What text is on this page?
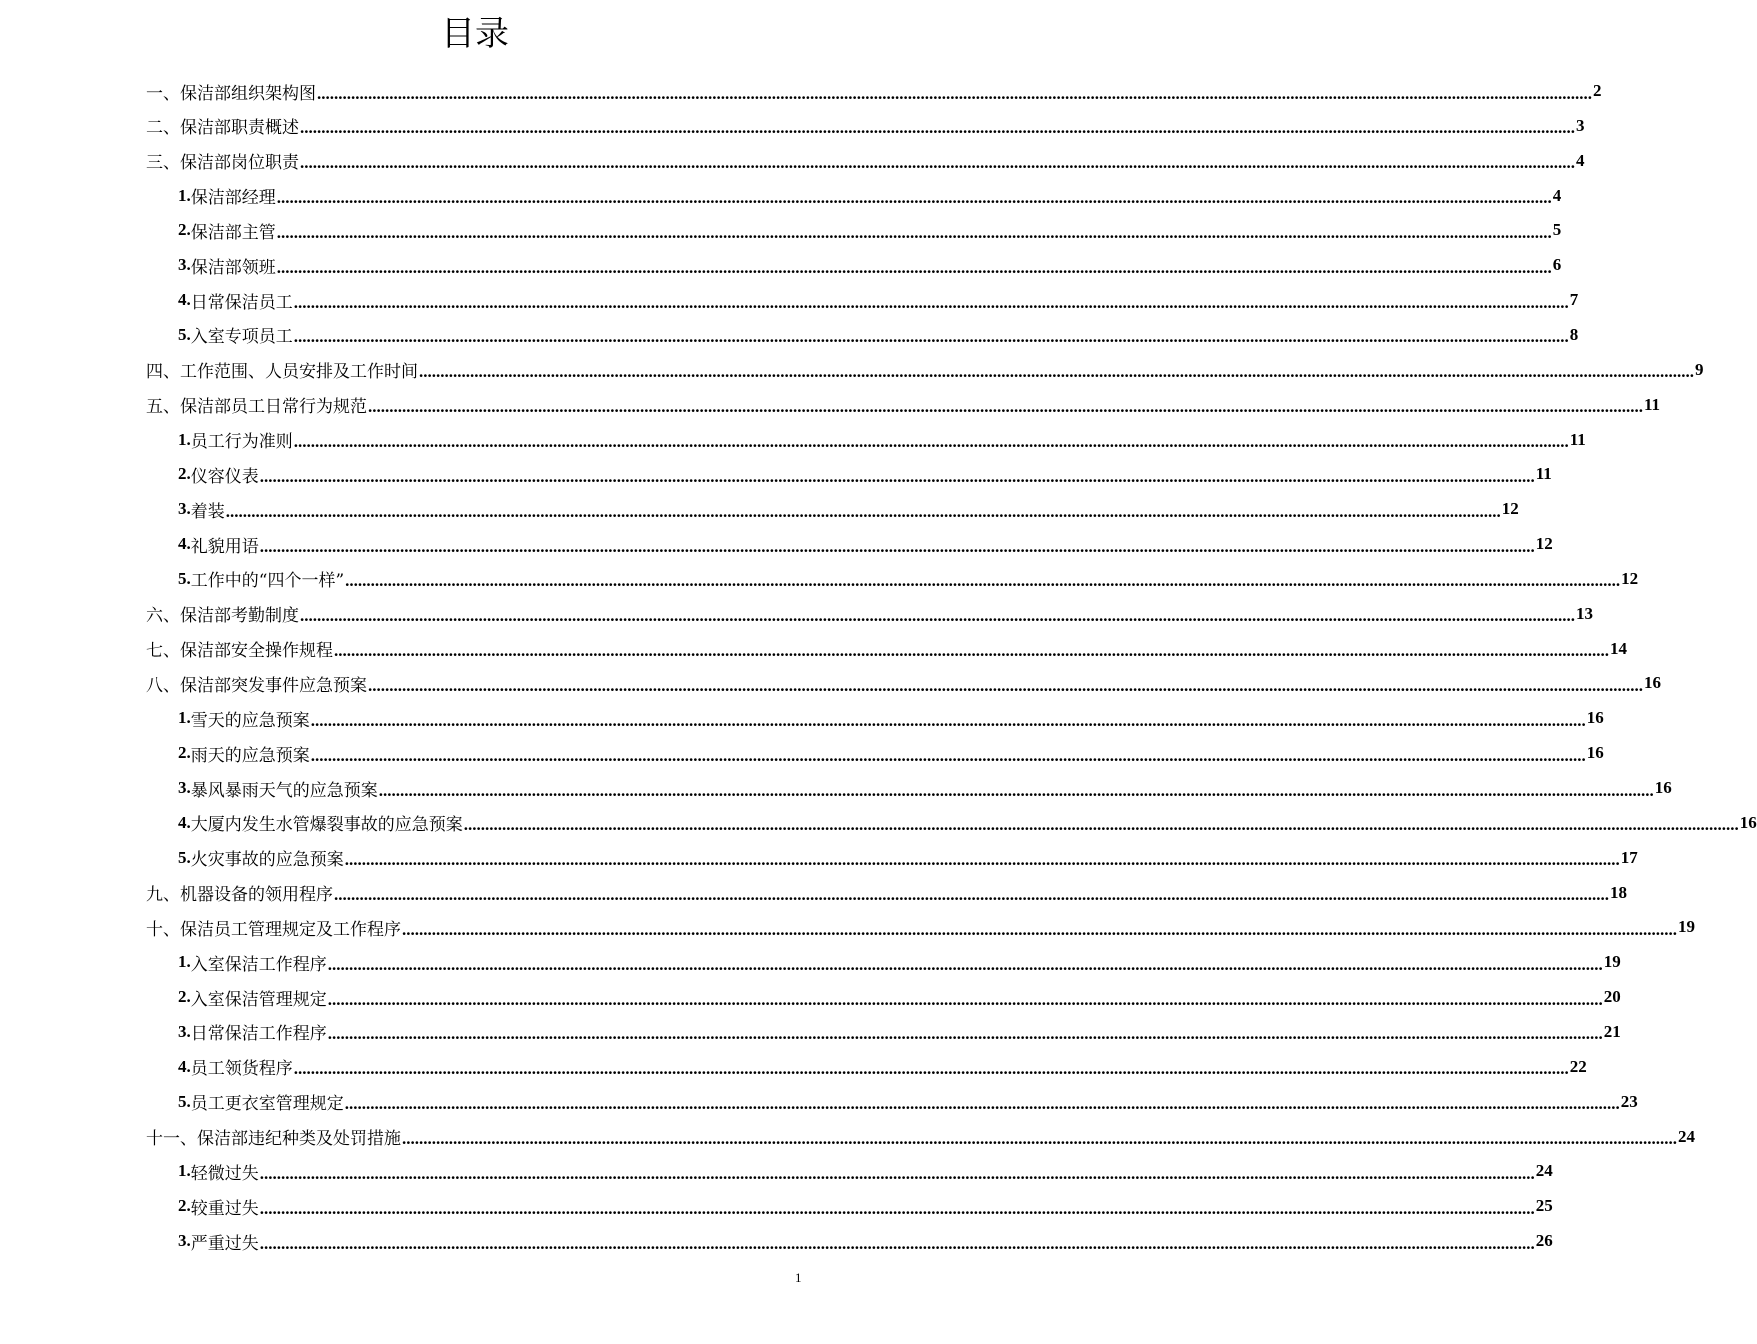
目录
一、 保洁部组织架构图 ............................................................................................................................................................................................................................................................................................................ 2
二、 保洁部职责概述 ............................................................................................................................................................................................................................................................................................................ 3
三、 保洁部岗位职责 ............................................................................................................................................................................................................................................................................................................ 4
1. 保洁部经理 ............................................................................................................................................................................................................................................................................................................ 4
2. 保洁部主管 ............................................................................................................................................................................................................................................................................................................ 5
3. 保洁部领班 ............................................................................................................................................................................................................................................................................................................ 6
4. 日常保洁员工 ............................................................................................................................................................................................................................................................................................................ 7
5. 入室专项员工 ............................................................................................................................................................................................................................................................................................................ 8
四、 工作范围、人员安排及工作时间 ............................................................................................................................................................................................................................................................................................................ 9
五、 保洁部员工日常行为规范 ............................................................................................................................................................................................................................................................................................................ 11
1. 员工行为准则 ............................................................................................................................................................................................................................................................................................................ 11
2. 仪容仪表 ............................................................................................................................................................................................................................................................................................................ 11
3. 着装 ............................................................................................................................................................................................................................................................................................................ 12
4. 礼貌用语 ............................................................................................................................................................................................................................................................................................................ 12
5. 工作中的“四个一样” ............................................................................................................................................................................................................................................................................................................ 12
六、 保洁部考勤制度 ............................................................................................................................................................................................................................................................................................................ 13
七、 保洁部安全操作规程 ............................................................................................................................................................................................................................................................................................................ 14
八、 保洁部突发事件应急预案 ............................................................................................................................................................................................................................................................................................................ 16
1. 雪天的应急预案 ............................................................................................................................................................................................................................................................................................................ 16
2. 雨天的应急预案 ............................................................................................................................................................................................................................................................................................................ 16
3. 暴风暴雨天气的应急预案 ............................................................................................................................................................................................................................................................................................................ 16
4. 大厦内发生水管爆裂事故的应急预案 ............................................................................................................................................................................................................................................................................................................ 16
5. 火灾事故的应急预案 ............................................................................................................................................................................................................................................................................................................ 17
九、 机器设备的领用程序 ............................................................................................................................................................................................................................................................................................................ 18
十、 保洁员工管理规定及工作程序 ............................................................................................................................................................................................................................................................................................................ 19
1. 入室保洁工作程序 ............................................................................................................................................................................................................................................................................................................ 19
2. 入室保洁管理规定 ............................................................................................................................................................................................................................................................................................................ 20
3. 日常保洁工作程序 ............................................................................................................................................................................................................................................................................................................ 21
4. 员工领货程序 ............................................................................................................................................................................................................................................................................................................ 22
5. 员工更衣室管理规定 ............................................................................................................................................................................................................................................................................................................ 23
十一、 保洁部违纪种类及处罚措施 ............................................................................................................................................................................................................................................................................................................ 24
1. 轻微过失 ............................................................................................................................................................................................................................................................................................................ 24
2. 较重过失 ............................................................................................................................................................................................................................................................................................................ 25
3. 严重过失 ............................................................................................................................................................................................................................................................................................................ 26
1
